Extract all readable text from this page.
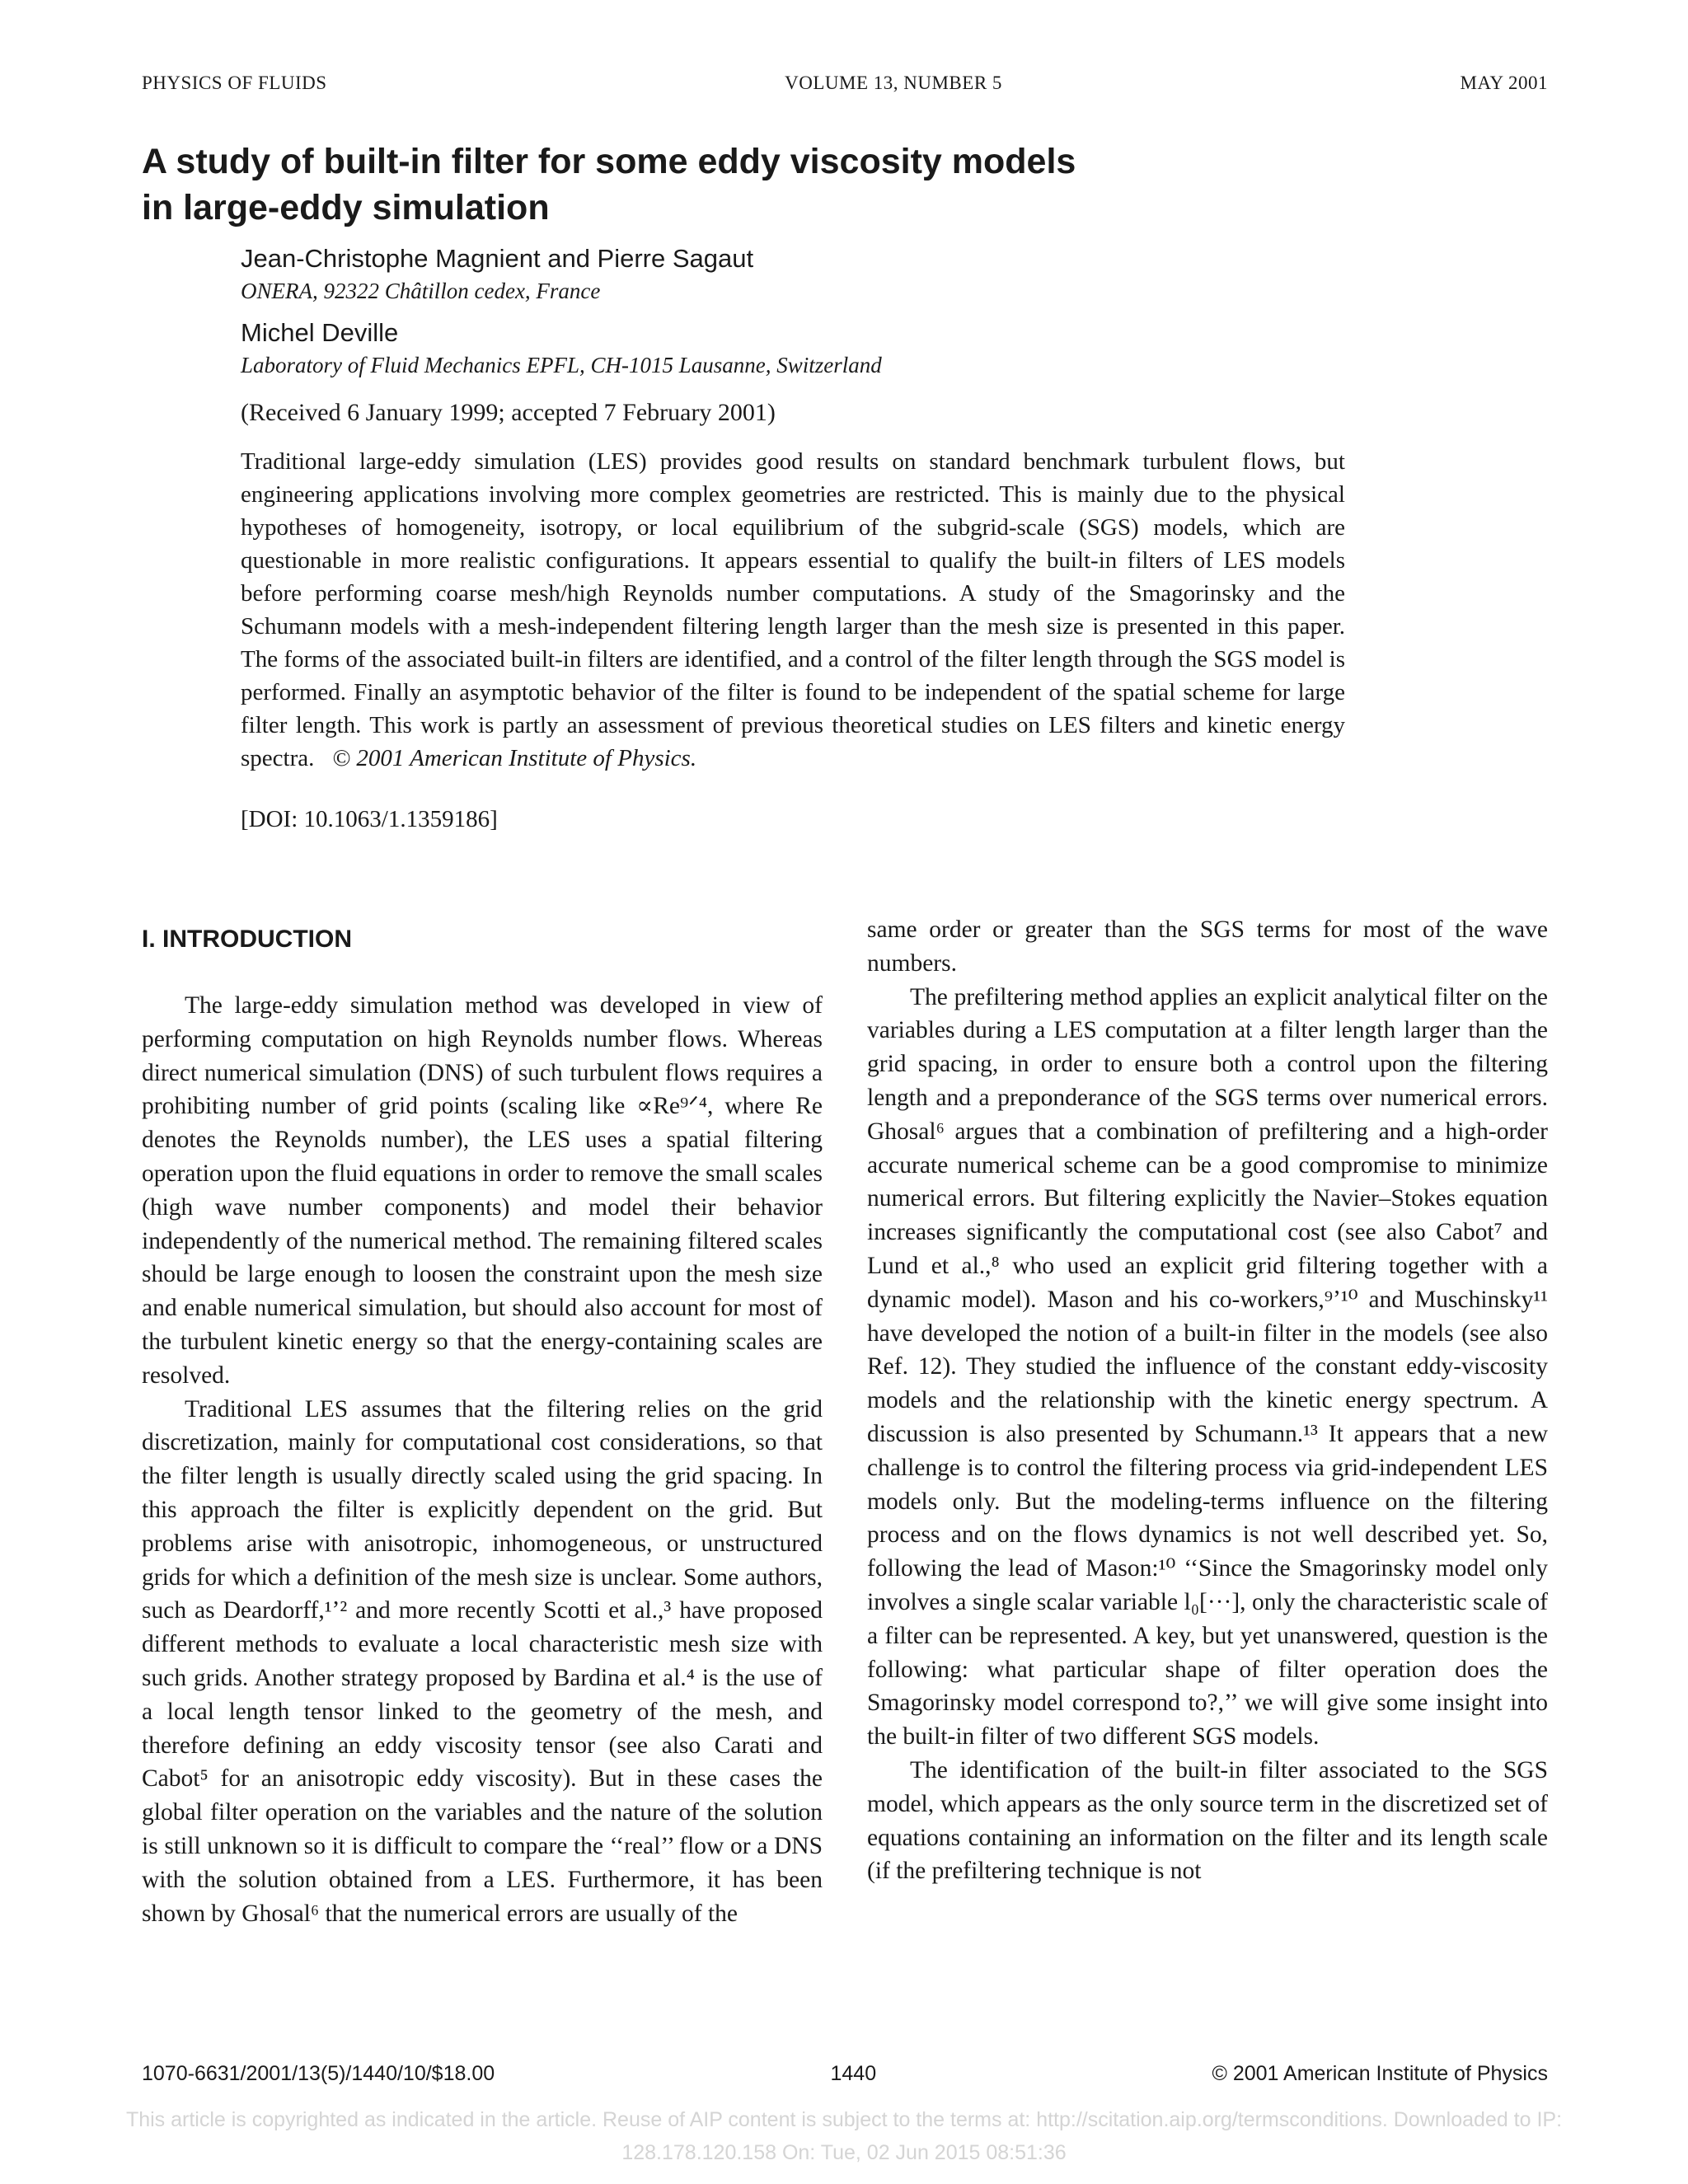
PHYSICS OF FLUIDS	VOLUME 13, NUMBER 5	MAY 2001
A study of built-in filter for some eddy viscosity models
in large-eddy simulation
Jean-Christophe Magnient and Pierre Sagaut
ONERA, 92322 Châtillon cedex, France
Michel Deville
Laboratory of Fluid Mechanics EPFL, CH-1015 Lausanne, Switzerland
(Received 6 January 1999; accepted 7 February 2001)

Traditional large-eddy simulation (LES) provides good results on standard benchmark turbulent flows, but engineering applications involving more complex geometries are restricted. This is mainly due to the physical hypotheses of homogeneity, isotropy, or local equilibrium of the subgrid-scale (SGS) models, which are questionable in more realistic configurations. It appears essential to qualify the built-in filters of LES models before performing coarse mesh/high Reynolds number computations. A study of the Smagorinsky and the Schumann models with a mesh-independent filtering length larger than the mesh size is presented in this paper. The forms of the associated built-in filters are identified, and a control of the filter length through the SGS model is performed. Finally an asymptotic behavior of the filter is found to be independent of the spatial scheme for large filter length. This work is partly an assessment of previous theoretical studies on LES filters and kinetic energy spectra. © 2001 American Institute of Physics.

[DOI: 10.1063/1.1359186]
I. INTRODUCTION

The large-eddy simulation method was developed in view of performing computation on high Reynolds number flows. Whereas direct numerical simulation (DNS) of such turbulent flows requires a prohibiting number of grid points (scaling like ∝Re⁹ᐟ⁴, where Re denotes the Reynolds number), the LES uses a spatial filtering operation upon the fluid equations in order to remove the small scales (high wave number components) and model their behavior independently of the numerical method. The remaining filtered scales should be large enough to loosen the constraint upon the mesh size and enable numerical simulation, but should also account for most of the turbulent kinetic energy so that the energy-containing scales are resolved.

Traditional LES assumes that the filtering relies on the grid discretization, mainly for computational cost considerations, so that the filter length is usually directly scaled using the grid spacing. In this approach the filter is explicitly dependent on the grid. But problems arise with anisotropic, inhomogeneous, or unstructured grids for which a definition of the mesh size is unclear. Some authors, such as Deardorff,¹ʼ² and more recently Scotti et al.,³ have proposed different methods to evaluate a local characteristic mesh size with such grids. Another strategy proposed by Bardina et al.⁴ is the use of a local length tensor linked to the geometry of the mesh, and therefore defining an eddy viscosity tensor (see also Carati and Cabot⁵ for an anisotropic eddy viscosity). But in these cases the global filter operation on the variables and the nature of the solution is still unknown so it is difficult to compare the ‘‘real’’ flow or a DNS with the solution obtained from a LES. Furthermore, it has been shown by Ghosal⁶ that the numerical errors are usually of the

same order or greater than the SGS terms for most of the wave numbers.

The prefiltering method applies an explicit analytical filter on the variables during a LES computation at a filter length larger than the grid spacing, in order to ensure both a control upon the filtering length and a preponderance of the SGS terms over numerical errors. Ghosal⁶ argues that a combination of prefiltering and a high-order accurate numerical scheme can be a good compromise to minimize numerical errors. But filtering explicitly the Navier–Stokes equation increases significantly the computational cost (see also Cabot⁷ and Lund et al.,⁸ who used an explicit grid filtering together with a dynamic model). Mason and his co-workers,⁹ʼ¹⁰ and Muschinsky¹¹ have developed the notion of a built-in filter in the models (see also Ref. 12). They studied the influence of the constant eddy-viscosity models and the relationship with the kinetic energy spectrum. A discussion is also presented by Schumann.¹³ It appears that a new challenge is to control the filtering process via grid-independent LES models only. But the modeling-terms influence on the filtering process and on the flows dynamics is not well described yet. So, following the lead of Mason:¹⁰ ‘‘Since the Smagorinsky model only involves a single scalar variable l₀[···], only the characteristic scale of a filter can be represented. A key, but yet unanswered, question is the following: what particular shape of filter operation does the Smagorinsky model correspond to?,’’ we will give some insight into the built-in filter of two different SGS models.

The identification of the built-in filter associated to the SGS model, which appears as the only source term in the discretized set of equations containing an information on the filter and its length scale (if the prefiltering technique is not

1070-6631/2001/13(5)/1440/10/$18.00	1440	© 2001 American Institute of Physics
This article is copyrighted as indicated in the article. Reuse of AIP content is subject to the terms at: http://scitation.aip.org/termsconditions. Downloaded to IP:
128.178.120.158 On: Tue, 02 Jun 2015 08:51:36
